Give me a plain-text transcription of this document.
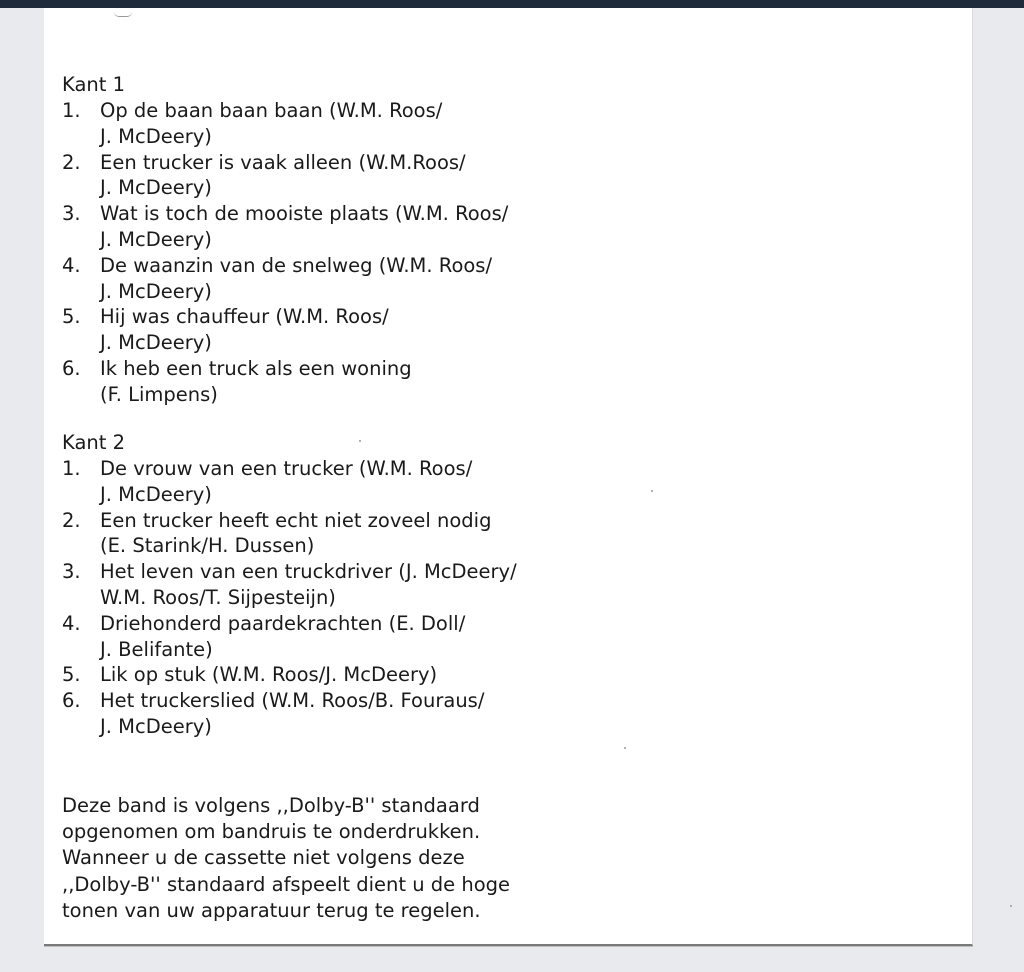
Kant 1
1. Op de baan baan baan (W.M. Roos/
J. McDeery)
2. Een trucker is vaak alleen (W.M.Roos/
J. McDeery)
3. Wat is toch de mooiste plaats (W.M. Roos/
J. McDeery)
4. De waanzin van de snelweg (W.M. Roos/
J. McDeery)
5. Hij was chauffeur (W.M. Roos/
J. McDeery)
6. Ik heb een truck als een woning
(F. Limpens)
Kant 2
1. De vrouw van een trucker (W.M. Roos/
J. McDeery)
2. Een trucker heeft echt niet zoveel nodig
(E. Starink/H. Dussen)
3. Het leven van een truckdriver (J. McDeery/
W.M. Roos/T. Sijpesteijn)
4. Driehonderd paardekrachten (E. Doll/
J. Belifante)
5. Lik op stuk (W.M. Roos/J. McDeery)
6. Het truckerslied (W.M. Roos/B. Fouraus/
J. McDeery)
Deze band is volgens ,,Dolby-B'' standaard
opgenomen om bandruis te onderdrukken.
Wanneer u de cassette niet volgens deze
,,Dolby-B'' standaard afspeelt dient u de hoge
tonen van uw apparatuur terug te regelen.
